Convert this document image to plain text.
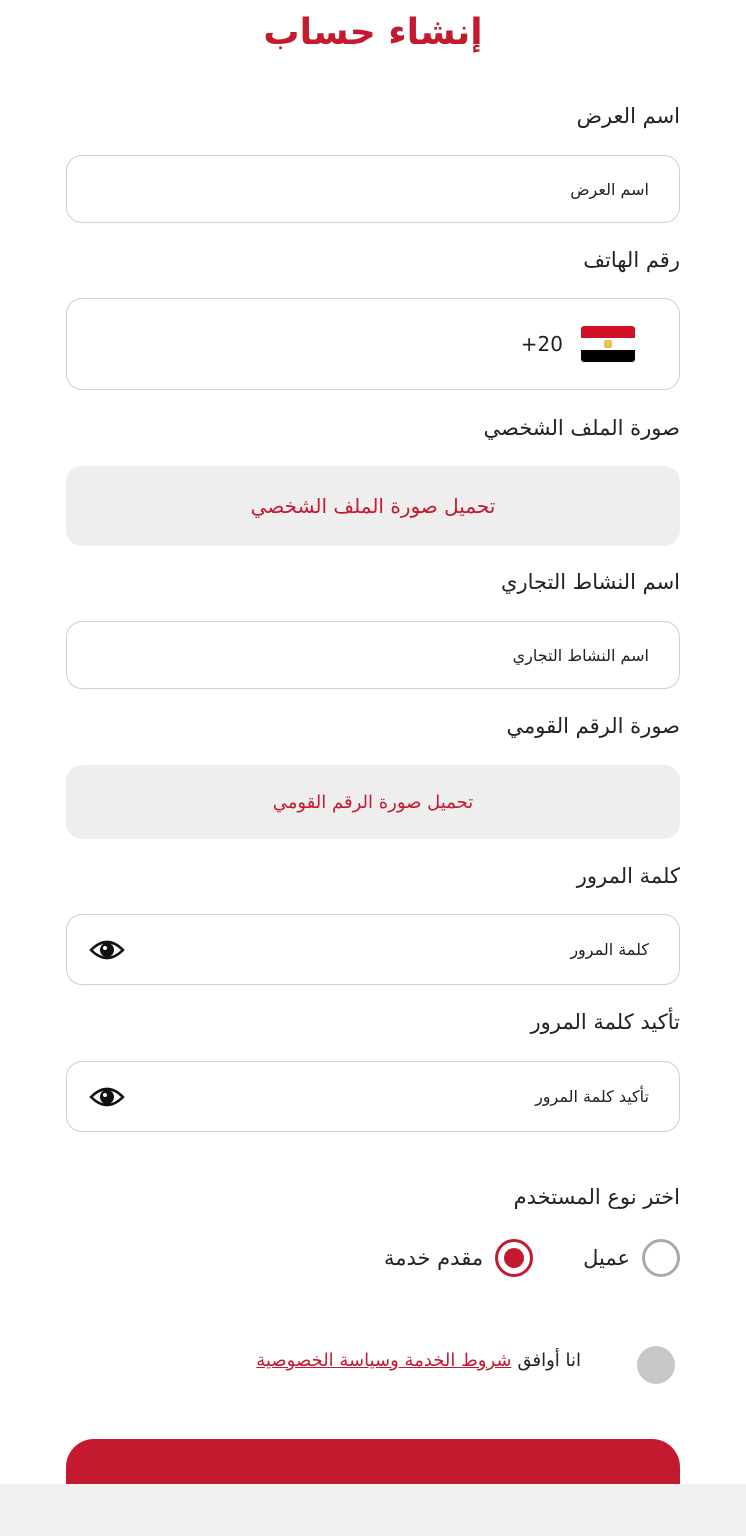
إنشاء حساب
اسم العرض
اسم العرض
رقم الهاتف
+20
صورة الملف الشخصي
تحميل صورة الملف الشخصي
اسم النشاط التجاري
اسم النشاط التجاري
صورة الرقم القومي
تحميل صورة الرقم القومي
كلمة المرور
كلمة المرور
تأكيد كلمة المرور
تأكيد كلمة المرور
اختر نوع المستخدم
عميل
مقدم خدمة
انا أوافق
شروط الخدمة وسياسة الخصوصية
